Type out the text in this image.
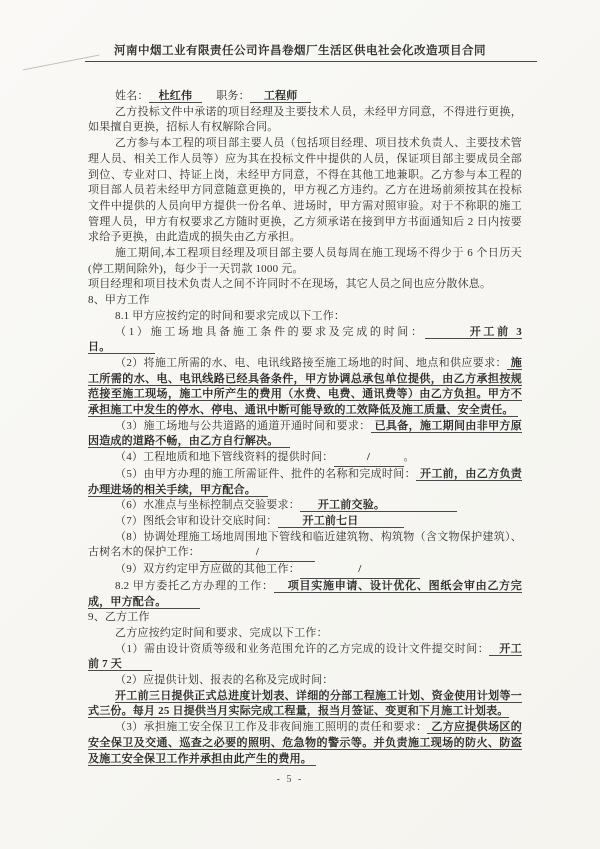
河南中烟工业有限责任公司许昌卷烟厂生活区供电社会化改造项目合同

姓名： 杜红伟 职务： 工程师

乙方投标文件中承诺的项目经理及主要技术人员，未经甲方同意，不得进行更换，如果擅自更换，招标人有权解除合同。

乙方参与本工程的项目部主要人员（包括项目经理、项目技术负责人、主要技术管理人员、相关工作人员等）应为其在投标文件中提供的人员，保证项目部主要成员全部到位、专业对口、持证上岗，未经甲方同意，不得在其他工地兼职。乙方参与本工程的项目部人员若未经甲方同意随意更换的，甲方视乙方违约。乙方在进场前须按其在投标文件中提供的人员向甲方提供一份名单、进场时，甲方需对照审验。对于不称职的施工管理人员，甲方有权要求乙方随时更换，乙方须承诺在接到甲方书面通知后 2 日内按要求给予更换，由此造成的损失由乙方承担。

施工期间,本工程项目经理及项目部主要人员每周在施工现场不得少于 6 个日历天(停工期间除外)，每少于一天罚款 1000 元。

项目经理和项目技术负责人之间不许同时不在现场，其它人员之间也应分散休息。

8、甲方工作

8.1 甲方应按约定的时间和要求完成以下工作：

（1）施工场地具备施工条件的要求及完成的时间：	开工前 3 日。

（2）将施工所需的水、电、电讯线路接至施工场地的时间、地点和供应要求： 施工所需的水、电、电讯线路已经具备条件，甲方协调总承包单位提供，由乙方承担按规范接至施工现场，施工中所产生的费用（水费、电费、通讯费等）由乙方负担。甲方不承担施工中发生的停水、停电、通讯中断可能导致的工效降低及施工质量、安全责任。

（3）施工场地与公共道路的通道开通时间和要求： 已具备，施工期间由非甲方原因造成的道路不畅，由乙方自行解决。

（4）工程地质和地下管线资料的提供时间：	/	。

（5）由甲方办理的施工所需证件、批件的名称和完成时间： 开工前，由乙方负责办理进场的相关手续，甲方配合。

（6）水准点与坐标控制点交验要求： 开工前交验。

（7）图纸会审和设计交底时间： 开工前七日

（8）协调处理施工场地周围地下管线和临近建筑物、构筑物（含文物保护建筑）、古树名木的保护工作：	/

（9）双方约定甲方应做的其他工作：	/

8.2 甲方委托乙方办理的工作： 项目实施申请、设计优化、图纸会审由乙方完成，甲方配合。

9、乙方工作

乙方应按约定时间和要求、完成以下工作：

（1）需由设计资质等级和业务范围允许的乙方完成的设计文件提交时间： 开工前 7 天

（2）应提供计划、报表的名称及完成时间：

开工前三日提供正式总进度计划表、详细的分部工程施工计划、资金使用计划等一式三份。每月 25 日提供当月实际完成工程量，报当月签证、变更和下月施工计划表。

（3）承担施工安全保卫工作及非夜间施工照明的责任和要求： 乙方应提供场区的安全保卫及交通、巡查之必要的照明、危急物的警示等。并负责施工现场的防火、防盗及施工安全保卫工作并承担由此产生的费用。

- 5 -
